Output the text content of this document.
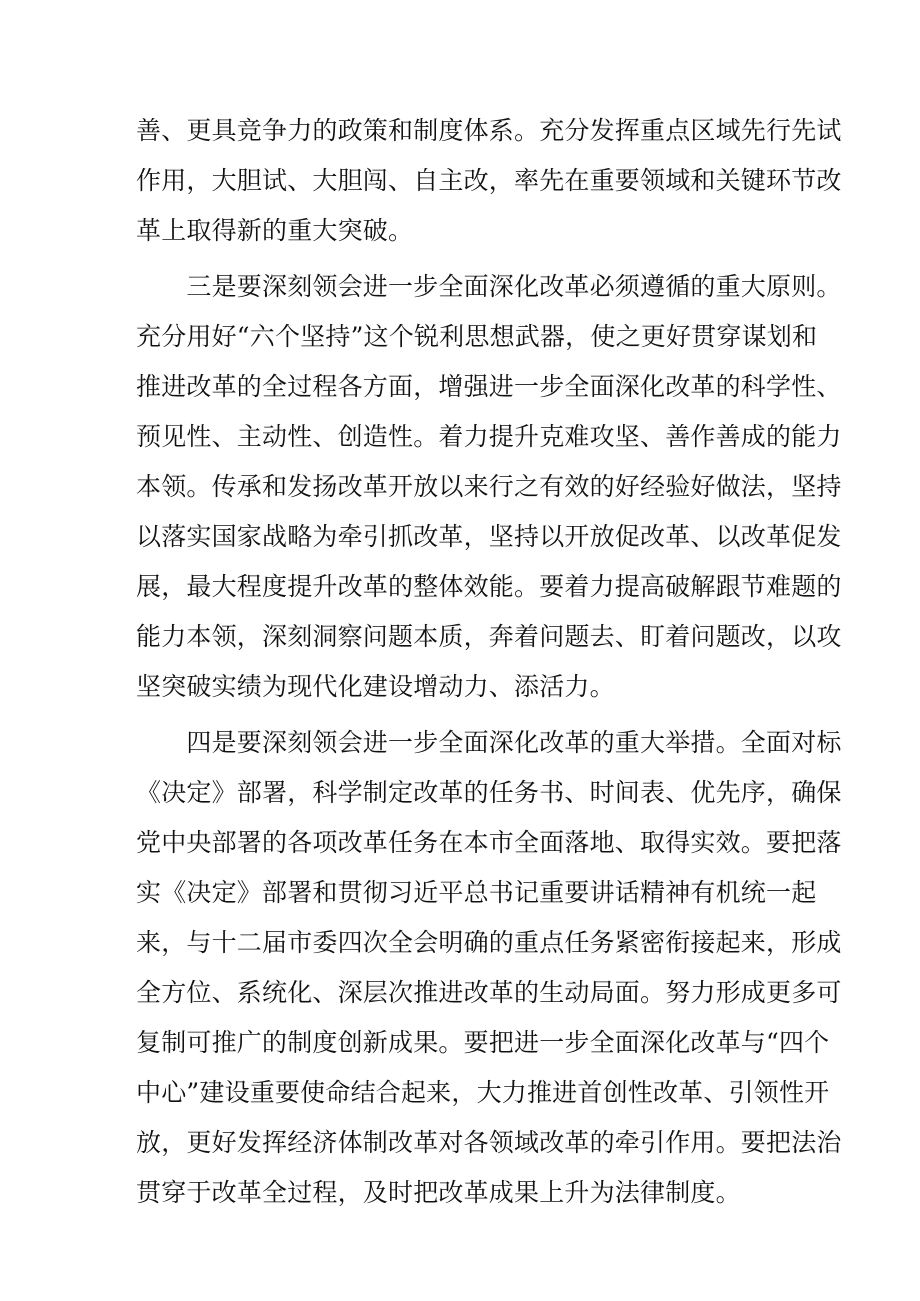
善、更具竞争力的政策和制度体系。充分发挥重点区域先行先试
作用，大胆试、大胆闯、自主改，率先在重要领域和关键环节改
革上取得新的重大突破。
　　三是要深刻领会进一步全面深化改革必须遵循的重大原则。
充分用好“六个坚持”这个锐利思想武器，使之更好贯穿谋划和
推进改革的全过程各方面，增强进一步全面深化改革的科学性、
预见性、主动性、创造性。着力提升克难攻坚、善作善成的能力
本领。传承和发扬改革开放以来行之有效的好经验好做法，坚持
以落实国家战略为牵引抓改革，坚持以开放促改革、以改革促发
展，最大程度提升改革的整体效能。要着力提高破解跟节难题的
能力本领，深刻洞察问题本质，奔着问题去、盯着问题改，以攻
坚突破实绩为现代化建设增动力、添活力。
　　四是要深刻领会进一步全面深化改革的重大举措。全面对标
《决定》部署，科学制定改革的任务书、时间表、优先序，确保
党中央部署的各项改革任务在本市全面落地、取得实效。要把落
实《决定》部署和贯彻习近平总书记重要讲话精神有机统一起
来，与十二届市委四次全会明确的重点任务紧密衔接起来，形成
全方位、系统化、深层次推进改革的生动局面。努力形成更多可
复制可推广的制度创新成果。要把进一步全面深化改革与“四个
中心”建设重要使命结合起来，大力推进首创性改革、引领性开
放，更好发挥经济体制改革对各领域改革的牵引作用。要把法治
贯穿于改革全过程，及时把改革成果上升为法律制度。
